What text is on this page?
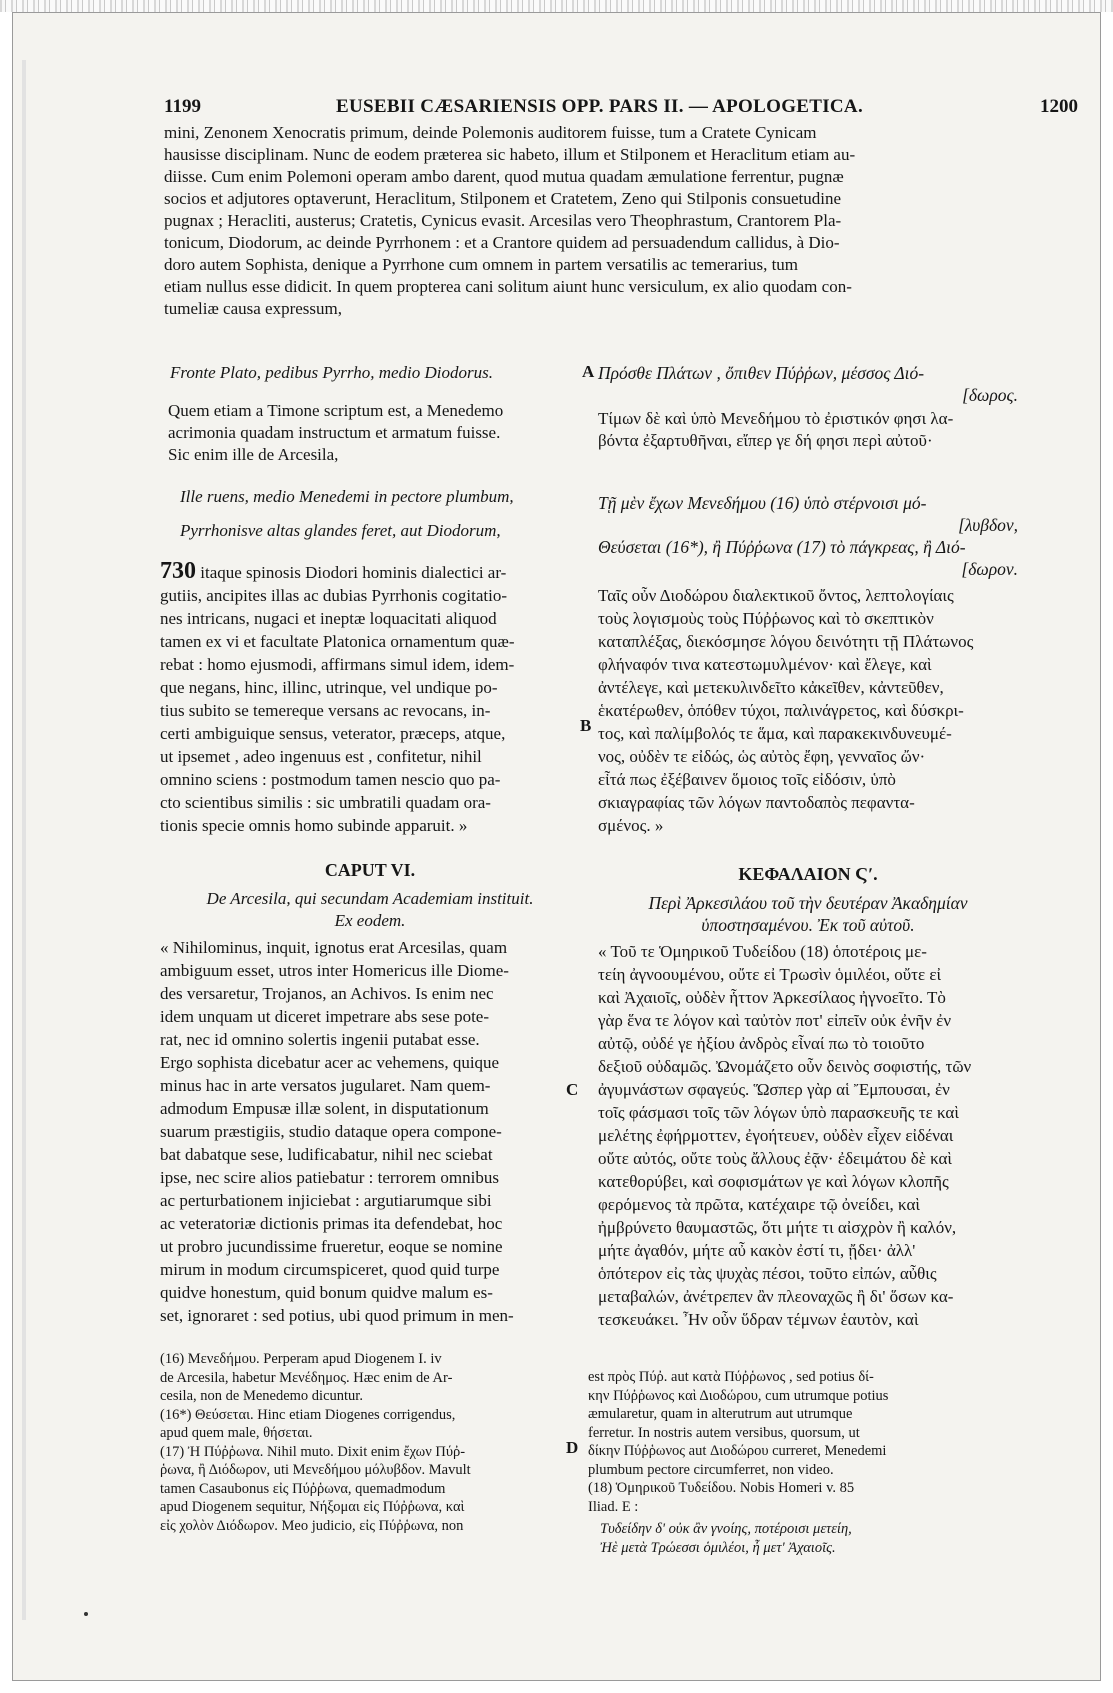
1199	EUSEBII CÆSARIENSIS OPP. PARS II. — APOLOGETICA.	1200
mini, Zenonem Xenocratis primum, deinde Polemonis auditorem fuisse, tum a Cratete Cynicam
hausisse disciplinam. Nunc de eodem præterea sic habeto, illum et Stilponem et Heraclitum etiam au-
diisse. Cum enim Polemoni operam ambo darent, quod mutua quadam æmulatione ferrentur, pugnæ
socios et adjutores optaverunt, Heraclitum, Stilponem et Cratetem, Zeno qui Stilponis consuetudine
pugnax ; Heracliti, austerus; Cratetis, Cynicus evasit. Arcesilas vero Theophrastum, Crantorem Pla-
tonicum, Diodorum, ac deinde Pyrrhonem : et a Crantore quidem ad persuadendum callidus, à Dio-
doro autem Sophista, denique a Pyrrhone cum omnem in partem versatilis ac temerarius, tum
etiam nullus esse didicit. In quem propterea cani solitum aiunt hunc versiculum, ex alio quodam con-
tumeliæ causa expressum,
Fronte Plato, pedibus Pyrrho, medio Diodorus.
Quem etiam a Timone scriptum est, a Menedemo
acrimonia quadam instructum et armatum fuisse.
Sic enim ille de Arcesila,
Ille ruens, medio Menedemi in pectore plumbum,
Pyrrhonisve altas glandes feret, aut Diodorum,
730 itaque spinosis Diodori hominis dialectici ar-
gutiis, ancipites illas ac dubias Pyrrhonis cogitatio-
nes intricans, nugaci et ineptæ loquacitati aliquod
tamen ex vi et facultate Platonica ornamentum quæ-
rebat : homo ejusmodi, affirmans simul idem, idem-
que negans, hinc, illinc, utrinque, vel undique po-
tius subito se temereque versans ac revocans, in-
certi ambiguique sensus, veterator, præceps, atque,
ut ipsemet , adeo ingenuus est , confitetur, nihil
omnino sciens : postmodum tamen nescio quo pa-
cto scientibus similis : sic umbratili quadam ora-
tionis specie omnis homo subinde apparuit. »
CAPUT VI.
De Arcesila, qui secundam Academiam instituit.
Ex eodem.
« Nihilominus, inquit, ignotus erat Arcesilas, quam
ambiguum esset, utros inter Homericus ille Diome-
des versaretur, Trojanos, an Achivos. Is enim nec
idem unquam ut diceret impetrare abs sese pote-
rat, nec id omnino solertis ingenii putabat esse.
Ergo sophista dicebatur acer ac vehemens, quique
minus hac in arte versatos jugularet. Nam quem-
admodum Empusæ illæ solent, in disputationum
suarum præstigiis, studio dataque opera compone-
bat dabatque sese, ludificabatur, nihil nec sciebat
ipse, nec scire alios patiebatur : terrorem omnibus
ac perturbationem injiciebat : argutiarumque sibi
ac veteratoriæ dictionis primas ita defendebat, hoc
ut probro jucundissime frueretur, eoque se nomine
mirum in modum circumspiceret, quod quid turpe
quidve honestum, quid bonum quidve malum es-
set, ignoraret : sed potius, ubi quod primum in men-
(16) Μενεδήμου. Perperam apud Diogenem I. iv
de Arcesila, habetur Μενέδημος. Hæc enim de Ar-
cesila, non de Menedemo dicuntur.
(16*) Θεύσεται. Hinc etiam Diogenes corrigendus,
apud quem male, θήσεται.
(17) Ἠ Πύῤῥωνα. Nihil muto. Dixit enim ἔχων Πύῤ-
ῥωνα, ἢ Διόδωρον, uti Μενεδήμου μόλυβδον. Mavult
tamen Casaubonus εἰς Πύῤῥωνα, quemadmodum
apud Diogenem sequitur, Νήξομαι εἰς Πύῤῥωνα, καὶ
εἰς χολὸν Διόδωρον. Meo judicio, εἰς Πύῤῥωνα, non
A
B
C
D
Πρόσθε Πλάτων , ὄπιθεν Πύῤῥων, μέσσος Διό-
[δωρος.
Τίμων δὲ καὶ ὑπὸ Μενεδήμου τὸ ἐριστικόν φησι λα-
βόντα ἐξαρτυθῆναι, εἴπερ γε δή φησι περὶ αὐτοῦ·
Τῇ μὲν ἔχων Μενεδήμου (16) ὑπὸ στέρνοισι μό-
[λυβδον,
Θεύσεται (16*), ἢ Πύῤῥωνα (17) τὸ πάγκρεας, ἢ Διό-
[δωρον.
Ταῖς οὖν Διοδώρου διαλεκτικοῦ ὄντος, λεπτολογίαις
τοὺς λογισμοὺς τοὺς Πύῤῥωνος καὶ τὸ σκεπτικὸν
καταπλέξας, διεκόσμησε λόγου δεινότητι τῇ Πλάτωνος
φλήναφόν τινα κατεστωμυλμένον· καὶ ἔλεγε, καὶ
ἀντέλεγε, καὶ μετεκυλινδεῖτο κἀκεῖθεν, κἀντεῦθεν,
ἑκατέρωθεν, ὁπόθεν τύχοι, παλινάγρετος, καὶ δύσκρι-
τος, καὶ παλίμβολός τε ἅμα, καὶ παρακεκινδυνευμέ-
νος, οὐδὲν τε εἰδώς, ὡς αὐτὸς ἔφη, γενναῖος ὤν·
εἶτά πως ἐξέβαινεν ὅμοιος τοῖς εἰδόσιν, ὑπὸ
σκιαγραφίας τῶν λόγων παντοδαπὸς πεφαντα-
σμένος. »
ΚΕΦΑΛΑΙΟΝ Ϛʹ.
Περὶ Ἀρκεσιλάου τοῦ τὴν δευτέραν Ἀκαδημίαν
ὑποστησαμένου. Ἐκ τοῦ αὐτοῦ.
« Τοῦ τε Ὁμηρικοῦ Τυδείδου (18) ὁποτέροις με-
τείη ἀγνοουμένου, οὔτε εἰ Τρωσὶν ὁμιλέοι, οὔτε εἰ
καὶ Ἀχαιοῖς, οὐδὲν ἧττον Ἀρκεσίλαος ἠγνοεῖτο. Τὸ
γὰρ ἕνα τε λόγον καὶ ταὐτὸν ποτ' εἰπεῖν οὐκ ἐνῆν ἐν
αὐτῷ, οὐδέ γε ἠξίου ἀνδρὸς εἶναί πω τὸ τοιοῦτο
δεξιοῦ οὐδαμῶς. Ὠνομάζετο οὖν δεινὸς σοφιστής, τῶν
ἀγυμνάστων σφαγεύς. Ὥσπερ γὰρ αἱ Ἔμπουσαι, ἐν
τοῖς φάσμασι τοῖς τῶν λόγων ὑπὸ παρασκευῆς τε καὶ
μελέτης ἐφήρμοττεν, ἐγοήτευεν, οὐδὲν εἶχεν εἰδέναι
οὔτε αὐτός, οὔτε τοὺς ἄλλους ἐᾷν· ἐδειμάτου δὲ καὶ
κατεθορύβει, καὶ σοφισμάτων γε καὶ λόγων κλοπῆς
φερόμενος τὰ πρῶτα, κατέχαιρε τῷ ὀνείδει, καὶ
ἠμβρύνετο θαυμαστῶς, ὅτι μήτε τι αἰσχρὸν ἢ καλόν,
μήτε ἀγαθόν, μήτε αὖ κακὸν ἐστί τι, ᾔδει· ἀλλ'
ὁπότερον εἰς τὰς ψυχὰς πέσοι, τοῦτο εἰπών, αὖθις
μεταβαλών, ἀνέτρεπεν ἂν πλεοναχῶς ἢ δι' ὅσων κα-
τεσκευάκει. Ἦν οὖν ὕδραν τέμνων ἑαυτὸν, καὶ
est πρὸς Πύῤ. aut κατὰ Πύῤῥωνος , sed potius δί-
κην Πύῤῥωνος καὶ Διοδώρου, cum utrumque potius
æmularetur, quam in alterutrum aut utrumque
ferretur. In nostris autem versibus, quorsum, ut
δίκην Πύῤῥωνος aut Διοδώρου curreret, Menedemi
plumbum pectore circumferret, non video.
(18) Ὁμηρικοῦ Τυδείδου. Nobis Homeri v. 85
Iliad. E :
Τυδείδην δ' οὐκ ἂν γνοίης, ποτέροισι μετείη,
Ἠὲ μετὰ Τρώεσσι ὁμιλέοι, ἦ μετ' Ἀχαιοῖς.
